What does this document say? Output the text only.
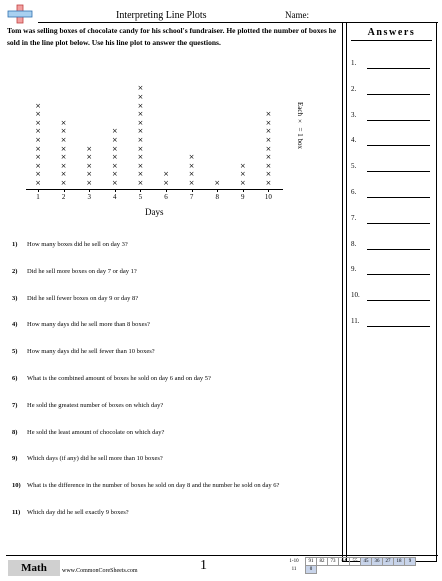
Interpreting Line Plots	Name:
Answers
1.
2.
3.
4.
5.
6.
7.
8.
9.
10.
11.
Tom was selling boxes of chocolate candy for his school's fundraiser. He plotted the number of boxes he sold in the line plot below. Use his line plot to answer the questions.
×
×
×
×
×
×
×
×
×
×
×
×
×
×
×
×
×
×
×
×
×
×
×
×
×
×
×
×
×
×
×
×
×
×
×
×
×
×
×
×
×
×
×
×
×
×
×
×
×	×
×
×
×
×
×
×
×
×
×
×
×
1	2	3	4	5	6	7	8	9	10
Days
Each × = 1 box
1) How many boxes did he sell on day 3?
2) Did he sell more boxes on day 7 or day 1?
3) Did he sell fewer boxes on day 9 or day 8?
4) How many days did he sell more than 8 boxes?
5) How many days did he sell fewer than 10 boxes?
6) What is the combined amount of boxes he sold on day 6 and on day 5?
7) He sold the greatest number of boxes on which day?
8) He sold the least amount of chocolate on which day?
9) Which days (if any) did he sell more than 10 boxes?
10) What is the difference in the number of boxes he sold on day 8 and the number he sold on day 6?
11) Which day did he sell exactly 9 boxes?
Math	www.CommonCoreSheets.com	1	1-10	91	82	73	64	55	45	36	27	18	9
11	0									
